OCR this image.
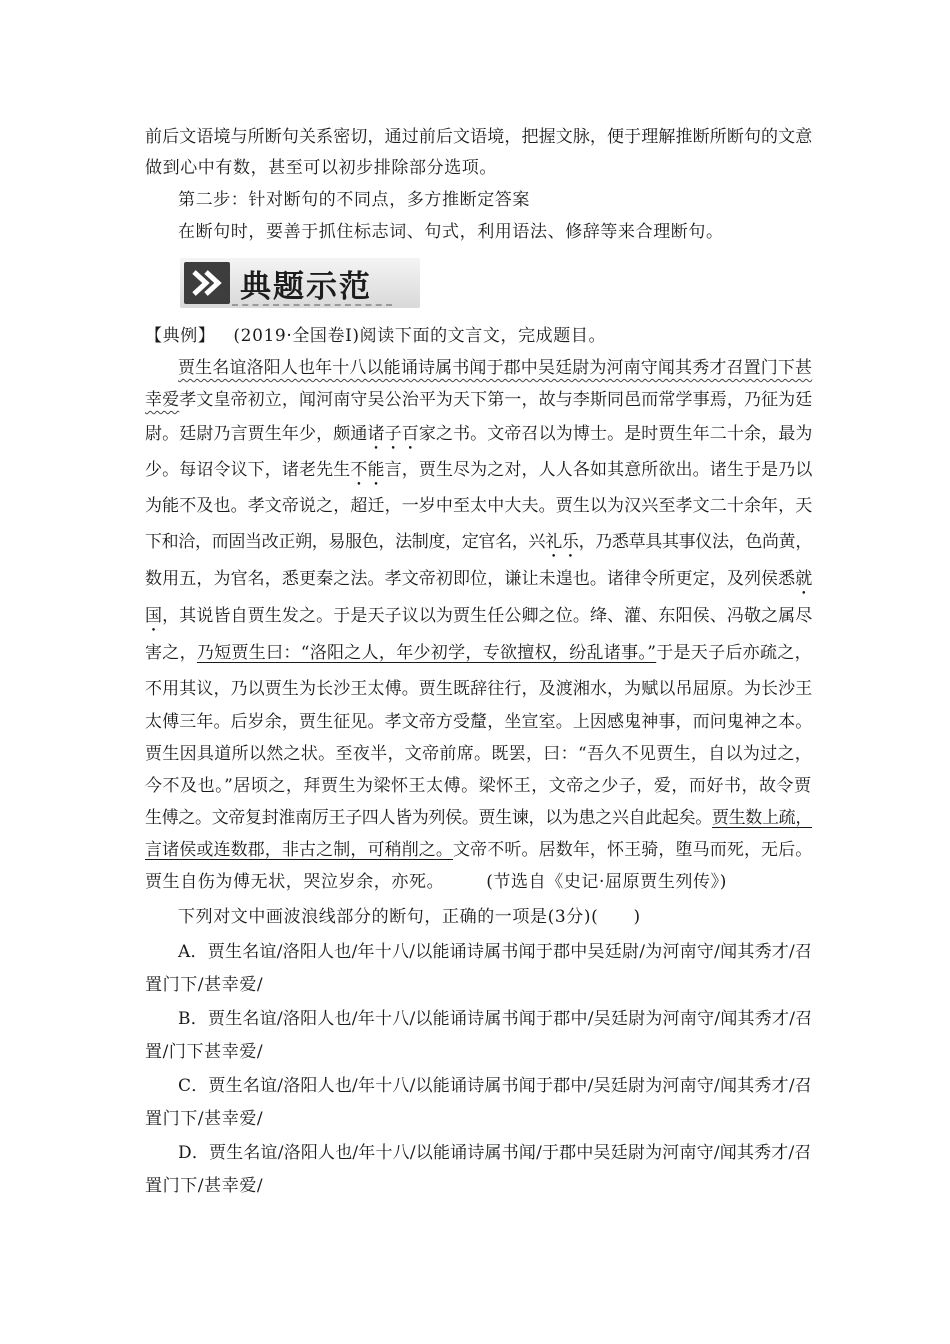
前后文语境与所断句关系密切，通过前后文语境，把握文脉，便于理解推断所断句的文意
做到心中有数，甚至可以初步排除部分选项。
第二步：针对断句的不同点，多方推断定答案
在断句时，要善于抓住标志词、句式，利用语法、修辞等来合理断句。
典题示范
【典例】 (2019·全国卷Ⅰ)阅读下面的文言文，完成题目。
贾生名谊洛阳人也年十八以能诵诗属书闻于郡中吴廷尉为河南守闻其秀才召置门下甚
幸爱孝文皇帝初立，闻河南守吴公治平为天下第一，故与李斯同邑而常学事焉，乃征为廷
尉。廷尉乃言贾生年少，颇通诸子百家之书。文帝召以为博士。是时贾生年二十余，最为
少。每诏令议下，诸老先生不能言，贾生尽为之对，人人各如其意所欲出。诸生于是乃以
为能不及也。孝文帝说之，超迁，一岁中至太中大夫。贾生以为汉兴至孝文二十余年，天
下和洽，而固当改正朔，易服色，法制度，定官名，兴礼乐，乃悉草具其事仪法，色尚黄，
数用五，为官名，悉更秦之法。孝文帝初即位，谦让未遑也。诸律令所更定，及列侯悉就
国，其说皆自贾生发之。于是天子议以为贾生任公卿之位。绛、灌、东阳侯、冯敬之属尽
害之，乃短贾生曰：“洛阳之人，年少初学，专欲擅权，纷乱诸事。”于是天子后亦疏之，
不用其议，乃以贾生为长沙王太傅。贾生既辞往行，及渡湘水，为赋以吊屈原。为长沙王
太傅三年。后岁余，贾生征见。孝文帝方受釐，坐宣室。上因感鬼神事，而问鬼神之本。
贾生因具道所以然之状。至夜半，文帝前席。既罢，曰：“吾久不见贾生，自以为过之，
今不及也。”居顷之，拜贾生为梁怀王太傅。梁怀王，文帝之少子，爱，而好书，故令贾
生傅之。文帝复封淮南厉王子四人皆为列侯。贾生谏，以为患之兴自此起矣。贾生数上疏，
言诸侯或连数郡，非古之制，可稍削之。文帝不听。居数年，怀王骑，堕马而死，无后。
贾生自伤为傅无状，哭泣岁余，亦死。 (节选自《史记·屈原贾生列传》)
下列对文中画波浪线部分的断句，正确的一项是(3分)(　　)
A．贾生名谊/洛阳人也/年十八/以能诵诗属书闻于郡中吴廷尉/为河南守/闻其秀才/召
置门下/甚幸爱/
B．贾生名谊/洛阳人也/年十八/以能诵诗属书闻于郡中/吴廷尉为河南守/闻其秀才/召
置/门下甚幸爱/
C．贾生名谊/洛阳人也/年十八/以能诵诗属书闻于郡中/吴廷尉为河南守/闻其秀才/召
置门下/甚幸爱/
D．贾生名谊/洛阳人也/年十八/以能诵诗属书闻/于郡中吴廷尉为河南守/闻其秀才/召
置门下/甚幸爱/
